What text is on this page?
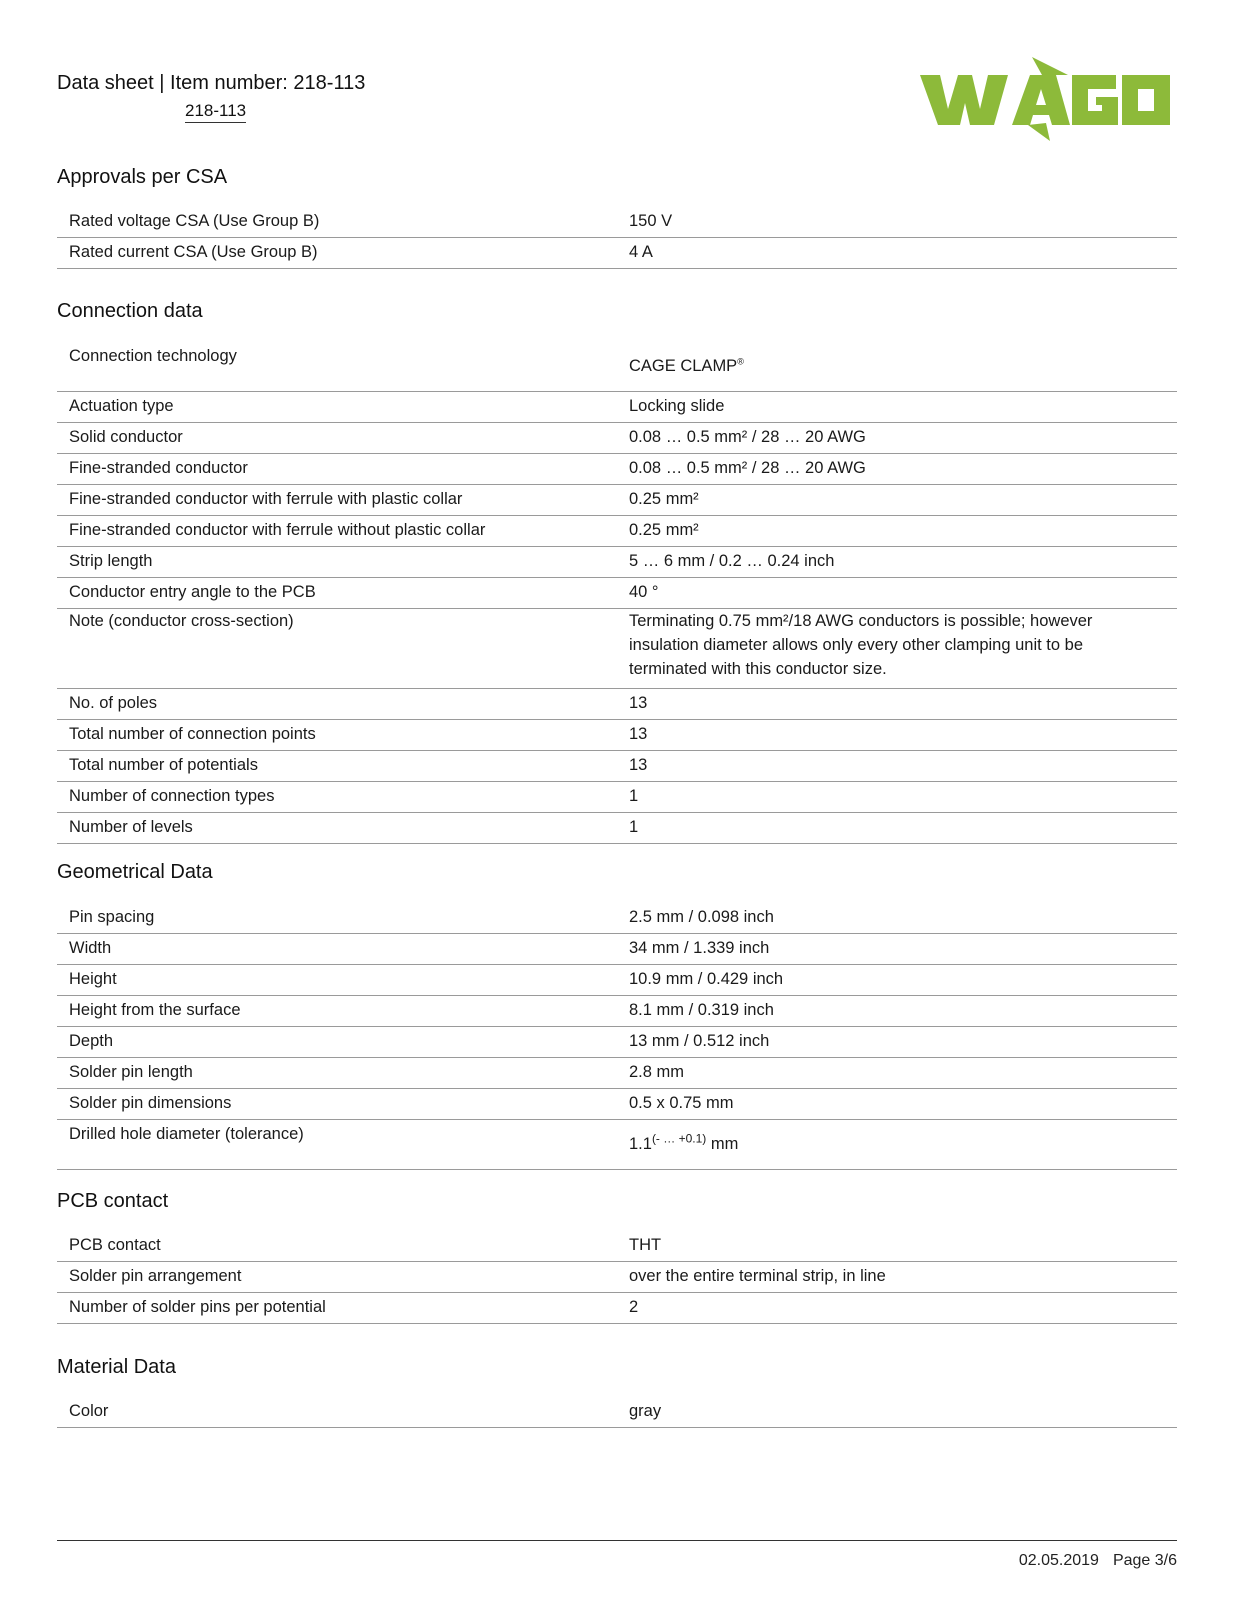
Data sheet | Item number: 218-113
218-113
Approvals per CSA
Rated voltage CSA (Use Group B)	150 V
Rated current CSA (Use Group B)	4 A
Connection data
Connection technology	CAGE CLAMP®
Actuation type	Locking slide
Solid conductor	0.08 … 0.5 mm² / 28 … 20 AWG
Fine-stranded conductor	0.08 … 0.5 mm² / 28 … 20 AWG
Fine-stranded conductor with ferrule with plastic collar	0.25 mm²
Fine-stranded conductor with ferrule without plastic collar	0.25 mm²
Strip length	5 … 6 mm / 0.2 … 0.24 inch
Conductor entry angle to the PCB	40 °
Note (conductor cross-section)	Terminating 0.75 mm²/18 AWG conductors is possible; however insulation diameter allows only every other clamping unit to be terminated with this conductor size.
No. of poles	13
Total number of connection points	13
Total number of potentials	13
Number of connection types	1
Number of levels	1
Geometrical Data
Pin spacing	2.5 mm / 0.098 inch
Width	34 mm / 1.339 inch
Height	10.9 mm / 0.429 inch
Height from the surface	8.1 mm / 0.319 inch
Depth	13 mm / 0.512 inch
Solder pin length	2.8 mm
Solder pin dimensions	0.5 x 0.75 mm
Drilled hole diameter (tolerance)	$1.1^{(- \dots +0.1)}$ mm
PCB contact
PCB contact	THT
Solder pin arrangement	over the entire terminal strip, in line
Number of solder pins per potential	2
Material Data
Color	gray
02.05.2019 Page 3/6
